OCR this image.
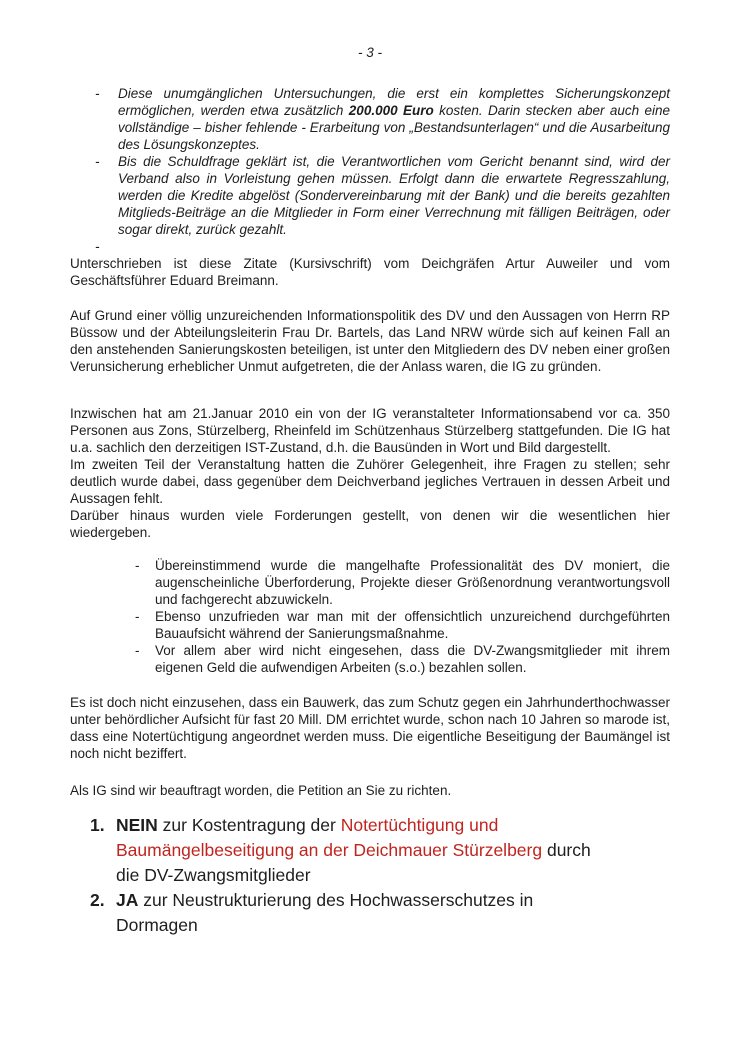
- 3 -

-	Diese unumgänglichen Untersuchungen, die erst ein komplettes Sicherungskonzept ermöglichen, werden etwa zusätzlich 200.000 Euro kosten. Darin stecken aber auch eine vollständige – bisher fehlende - Erarbeitung von „Bestandsunterlagen“ und die Ausarbeitung des Lösungskonzeptes.
-	Bis die Schuldfrage geklärt ist, die Verantwortlichen vom Gericht benannt sind, wird der Verband also in Vorleistung gehen müssen. Erfolgt dann die erwartete Regresszahlung, werden die Kredite abgelöst (Sondervereinbarung mit der Bank) und die bereits gezahlten Mitglieds-Beiträge an die Mitglieder in Form einer Verrechnung mit fälligen Beiträgen, oder sogar direkt, zurück gezahlt.
-

Unterschrieben ist diese Zitate (Kursivschrift) vom Deichgräfen Artur Auweiler und vom Geschäftsführer Eduard Breimann.

Auf Grund einer völlig unzureichenden Informationspolitik des DV und den Aussagen von Herrn RP Büssow und der Abteilungsleiterin Frau Dr. Bartels, das Land NRW würde sich auf keinen Fall an den anstehenden Sanierungskosten beteiligen, ist unter den Mitgliedern des DV neben einer großen Verunsicherung erheblicher Unmut aufgetreten, die der Anlass waren, die IG zu gründen.

Inzwischen hat am 21.Januar 2010 ein von der IG veranstalteter Informationsabend vor ca. 350 Personen aus Zons, Stürzelberg, Rheinfeld im Schützenhaus Stürzelberg stattgefunden. Die IG hat u.a. sachlich den derzeitigen IST-Zustand, d.h. die Bausünden in Wort und Bild dargestellt.

Im zweiten Teil der Veranstaltung hatten die Zuhörer Gelegenheit, ihre Fragen zu stellen; sehr deutlich wurde dabei, dass gegenüber dem Deichverband jegliches Vertrauen in dessen Arbeit und Aussagen fehlt.

Darüber hinaus wurden viele Forderungen gestellt, von denen wir die wesentlichen hier wiedergeben.

-	Übereinstimmend wurde die mangelhafte Professionalität des DV moniert, die augenscheinliche Überforderung, Projekte dieser Größenordnung verantwortungsvoll und fachgerecht abzuwickeln.
-	Ebenso unzufrieden war man mit der offensichtlich unzureichend durchgeführten Bauaufsicht während der Sanierungsmaßnahme.
-	Vor allem aber wird nicht eingesehen, dass die DV-Zwangsmitglieder mit ihrem eigenen Geld die aufwendigen Arbeiten (s.o.) bezahlen sollen.

Es ist doch nicht einzusehen, dass ein Bauwerk, das zum Schutz gegen ein Jahrhunderthochwasser unter behördlicher Aufsicht für fast 20 Mill. DM errichtet wurde, schon nach 10 Jahren so marode ist, dass eine Notertüchtigung angeordnet werden muss. Die eigentliche Beseitigung der Baumängel ist noch nicht beziffert.

Als IG sind wir beauftragt worden, die Petition an Sie zu richten.

1. NEIN zur Kostentragung der Notertüchtigung und
Baumängelbeseitigung an der Deichmauer Stürzelberg durch
die DV-Zwangsmitglieder
2. JA zur Neustrukturierung des Hochwasserschutzes in
Dormagen
